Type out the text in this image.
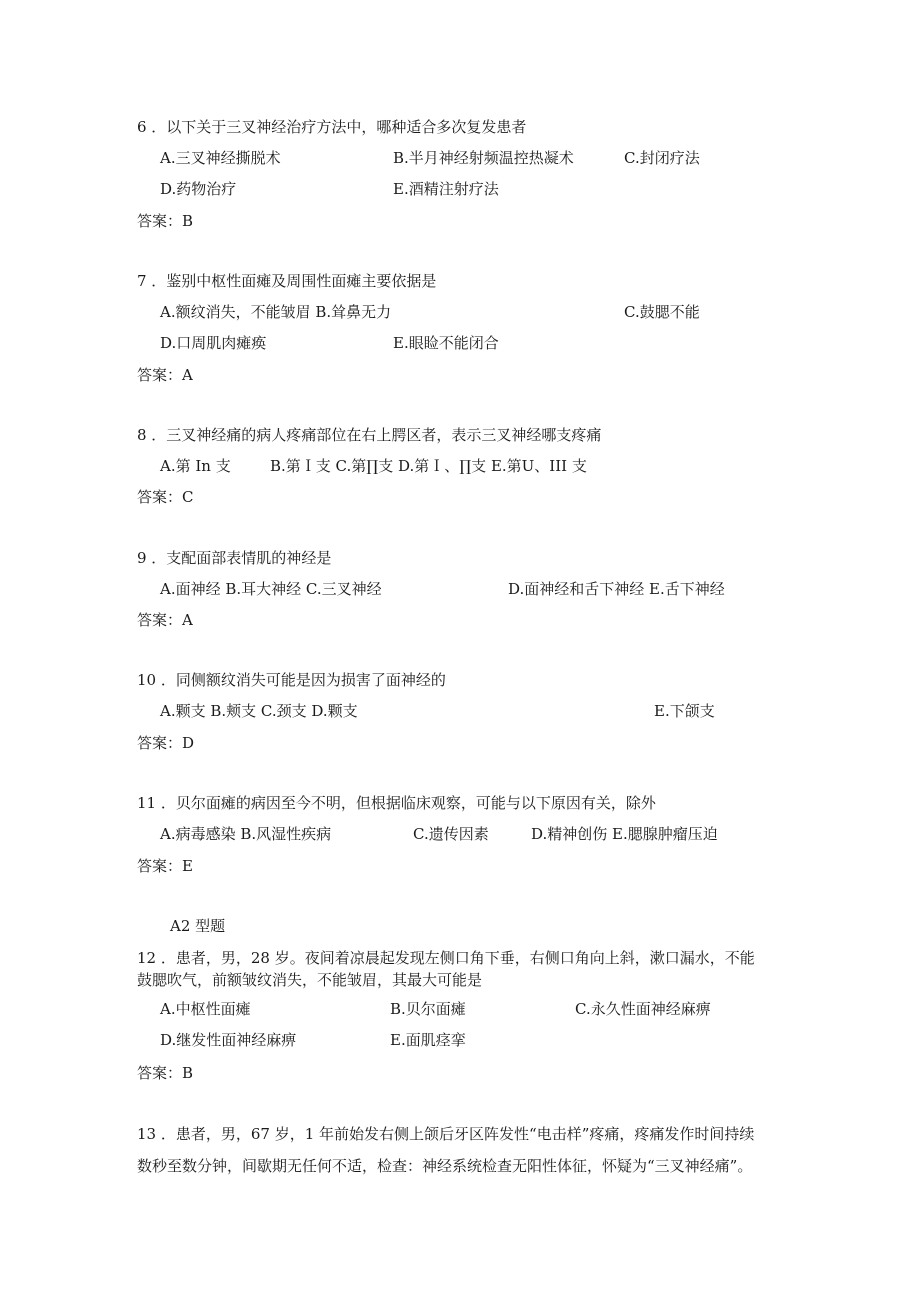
6 ．以下关于三叉神经治疗方法中，哪种适合多次复发患者
A.三叉神经撕脱术	B.半月神经射频温控热凝术	C.封闭疗法
D.药物治疗	E.酒精注射疗法
答案：B
7 ．鉴别中枢性面瘫及周围性面瘫主要依据是
A.额纹消失，不能皱眉 B.耸鼻无力	C.鼓腮不能
D.口周肌肉瘫痪	E.眼睑不能闭合
答案：A
8 ．三叉神经痛的病人疼痛部位在右上腭区者，表示三叉神经哪支疼痛
A.第 In 支	B.第Ｉ支 C.第∏支 D.第Ｉ、∏支 E.第U、III 支
答案：C
9 ．支配面部表情肌的神经是
A.面神经 B.耳大神经 C.三叉神经	D.面神经和舌下神经 E.舌下神经
答案：A
10 ．同侧额纹消失可能是因为损害了面神经的
A.颗支 B.颊支 C.颈支 D.颗支	E.下颌支
答案：D
11 ．贝尔面瘫的病因至今不明，但根据临床观察，可能与以下原因有关，除外
A.病毒感染 B.风湿性疾病	C.遗传因素	D.精神创伤 E.腮腺肿瘤压迫
答案：E
A2 型题
12 ．患者，男，28 岁。夜间着凉晨起发现左侧口角下垂，右侧口角向上斜，漱口漏水，不能
鼓腮吹气，前额皱纹消失，不能皱眉，其最大可能是
A.中枢性面瘫	B.贝尔面瘫	C.永久性面神经麻痹
D.继发性面神经麻痹	E.面肌痉挛
答案：B
13 ．患者，男，67 岁，1 年前始发右侧上颌后牙区阵发性“电击样”疼痛，疼痛发作时间持续
数秒至数分钟，间歇期无任何不适，检查：神经系统检查无阳性体征，怀疑为“三叉神经痛”。
